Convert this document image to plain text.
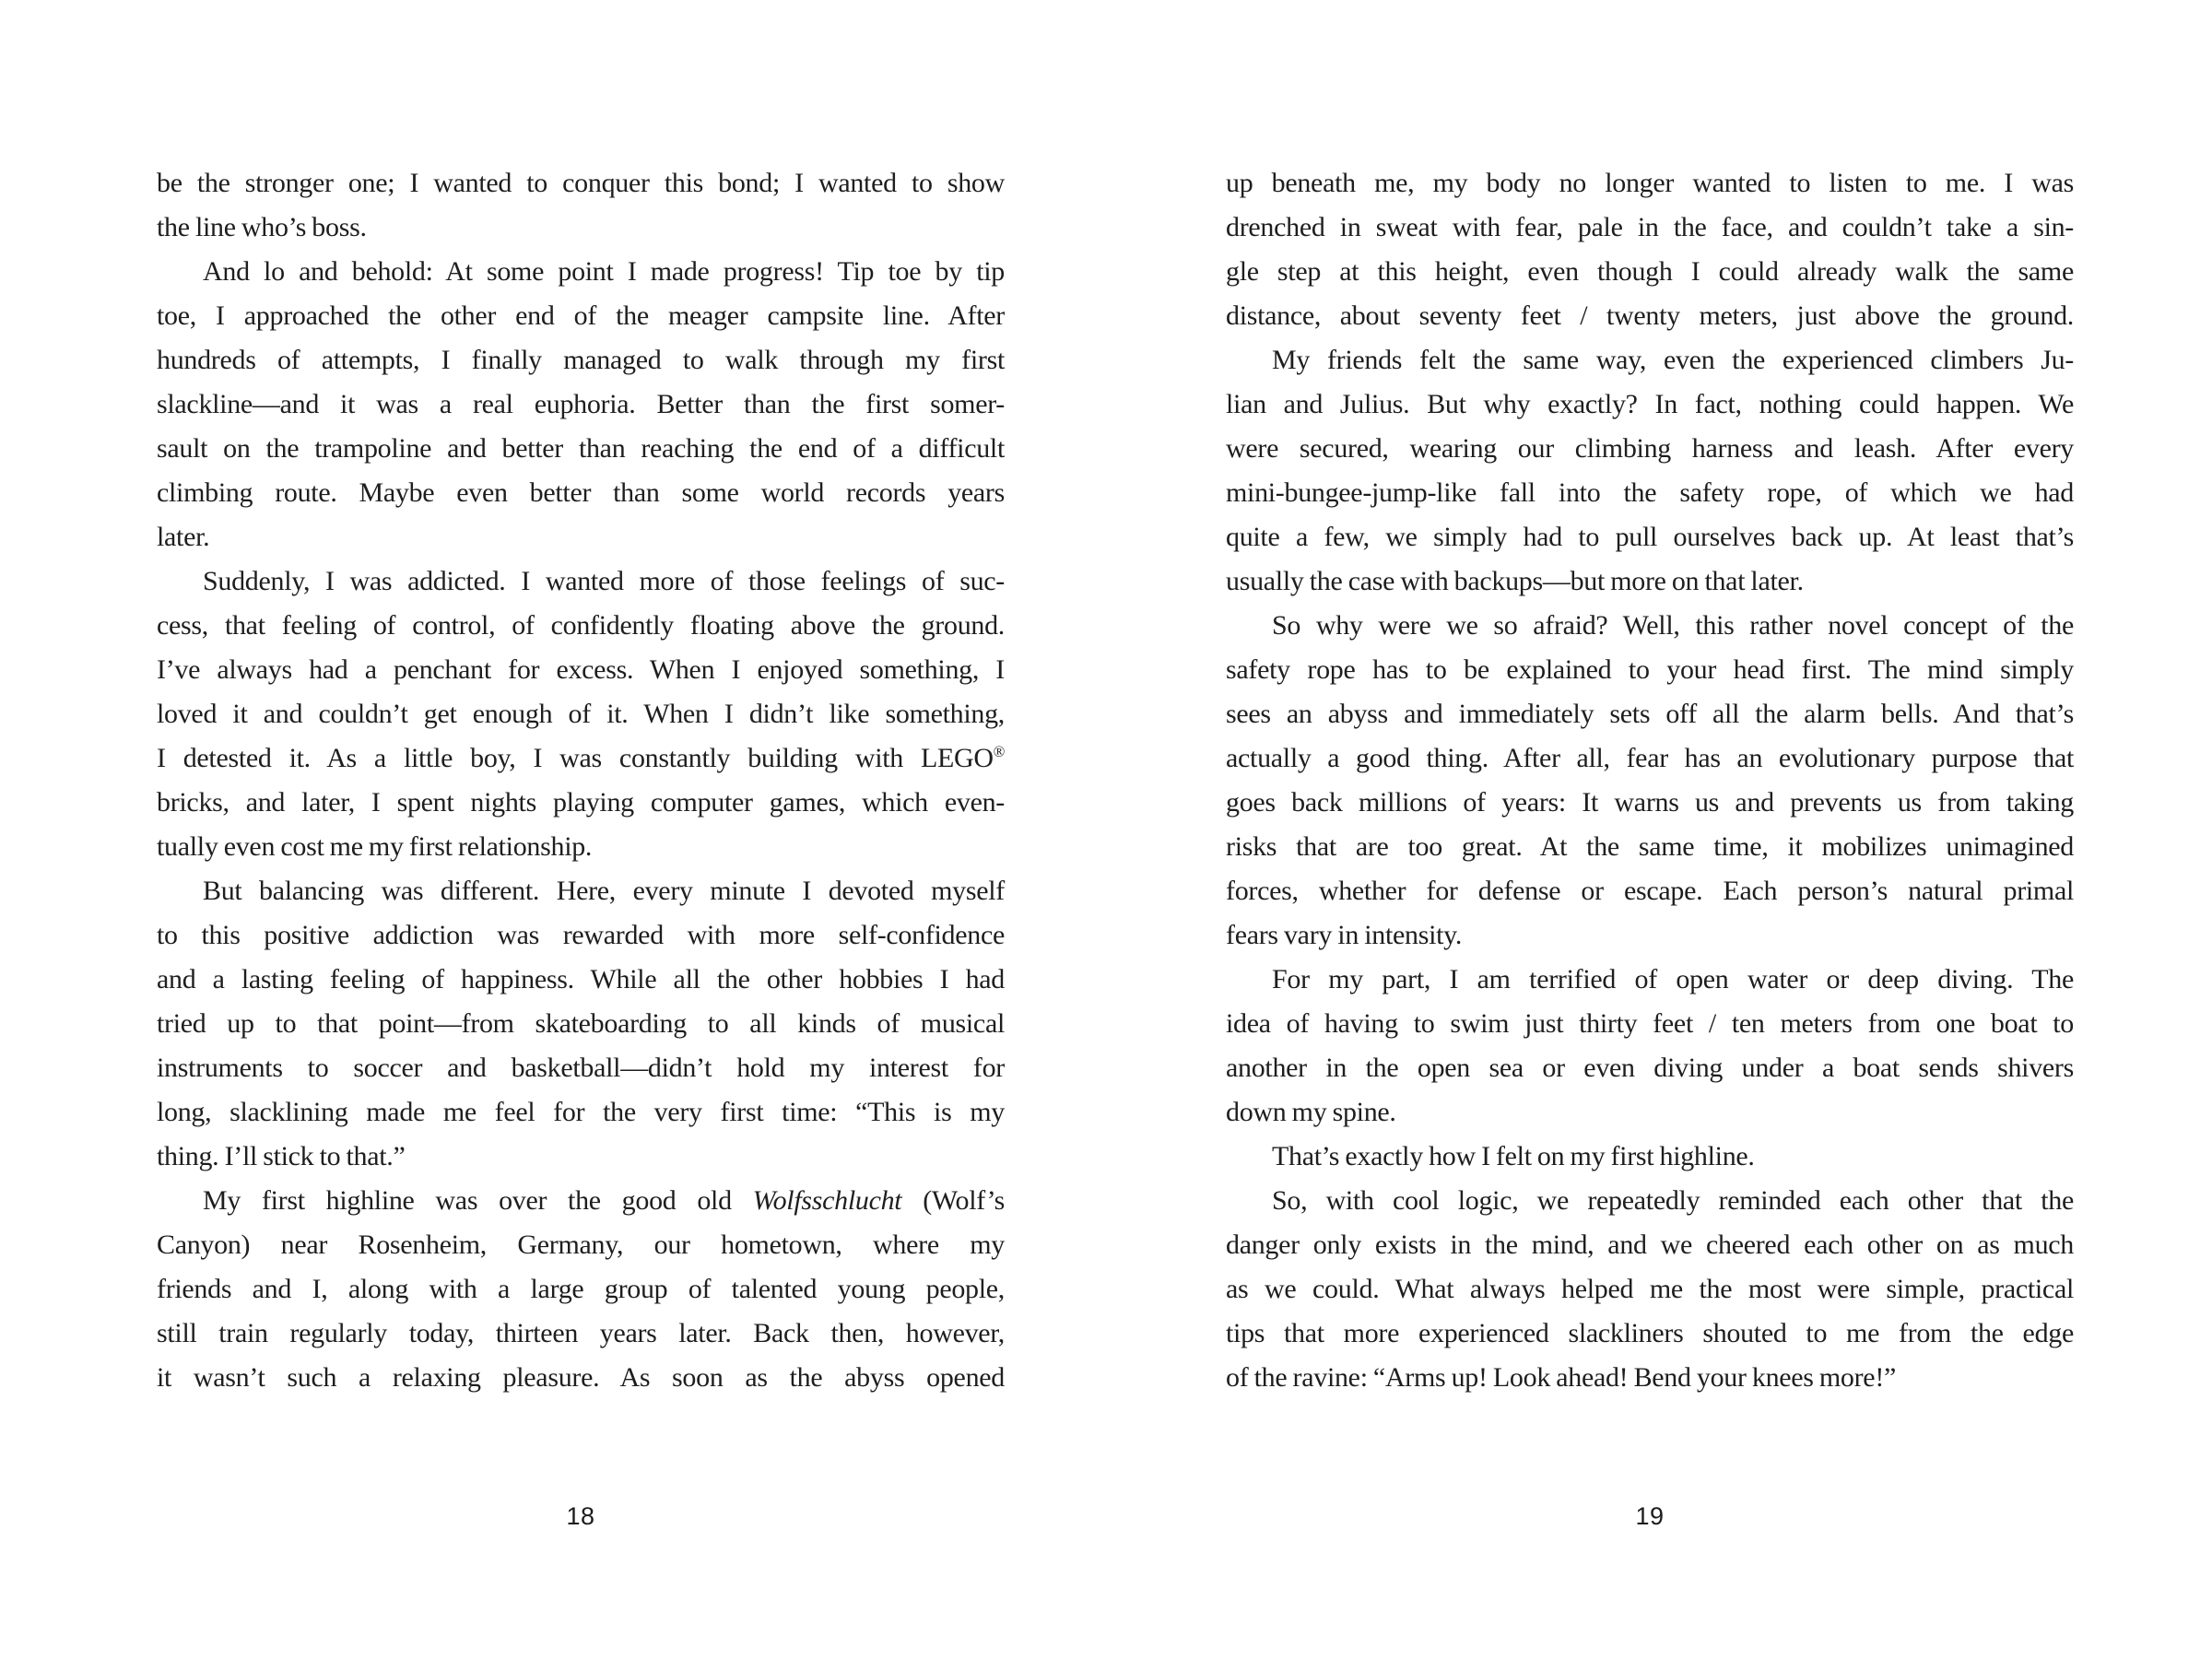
be the stronger one; I wanted to conquer this bond; I wanted to show
the line who’s boss.
And lo and behold: At some point I made progress! Tip toe by tip
toe, I approached the other end of the meager campsite line. After
hundreds of attempts, I finally managed to walk through my first
slackline—and it was a real euphoria. Better than the first somer-
sault on the trampoline and better than reaching the end of a difficult
climbing route. Maybe even better than some world records years
later.
Suddenly, I was addicted. I wanted more of those feelings of suc-
cess, that feeling of control, of confidently floating above the ground.
I’ve always had a penchant for excess. When I enjoyed something, I
loved it and couldn’t get enough of it. When I didn’t like something,
I detested it. As a little boy, I was constantly building with LEGO®
bricks, and later, I spent nights playing computer games, which even-
tually even cost me my first relationship.
But balancing was different. Here, every minute I devoted myself
to this positive addiction was rewarded with more self-confidence
and a lasting feeling of happiness. While all the other hobbies I had
tried up to that point—from skateboarding to all kinds of musical
instruments to soccer and basketball—didn’t hold my interest for
long, slacklining made me feel for the very first time: “This is my
thing. I’ll stick to that.”
My first highline was over the good old Wolfsschlucht (Wolf’s
Canyon) near Rosenheim, Germany, our hometown, where my
friends and I, along with a large group of talented young people,
still train regularly today, thirteen years later. Back then, however,
it wasn’t such a relaxing pleasure. As soon as the abyss opened
up beneath me, my body no longer wanted to listen to me. I was
drenched in sweat with fear, pale in the face, and couldn’t take a sin-
gle step at this height, even though I could already walk the same
distance, about seventy feet / twenty meters, just above the ground.
My friends felt the same way, even the experienced climbers Ju-
lian and Julius. But why exactly? In fact, nothing could happen. We
were secured, wearing our climbing harness and leash. After every
mini-bungee-jump-like fall into the safety rope, of which we had
quite a few, we simply had to pull ourselves back up. At least that’s
usually the case with backups—but more on that later.
So why were we so afraid? Well, this rather novel concept of the
safety rope has to be explained to your head first. The mind simply
sees an abyss and immediately sets off all the alarm bells. And that’s
actually a good thing. After all, fear has an evolutionary purpose that
goes back millions of years: It warns us and prevents us from taking
risks that are too great. At the same time, it mobilizes unimagined
forces, whether for defense or escape. Each person’s natural primal
fears vary in intensity.
For my part, I am terrified of open water or deep diving. The
idea of having to swim just thirty feet / ten meters from one boat to
another in the open sea or even diving under a boat sends shivers
down my spine.
That’s exactly how I felt on my first highline.
So, with cool logic, we repeatedly reminded each other that the
danger only exists in the mind, and we cheered each other on as much
as we could. What always helped me the most were simple, practical
tips that more experienced slackliners shouted to me from the edge
of the ravine: “Arms up! Look ahead! Bend your knees more!”
18	19
